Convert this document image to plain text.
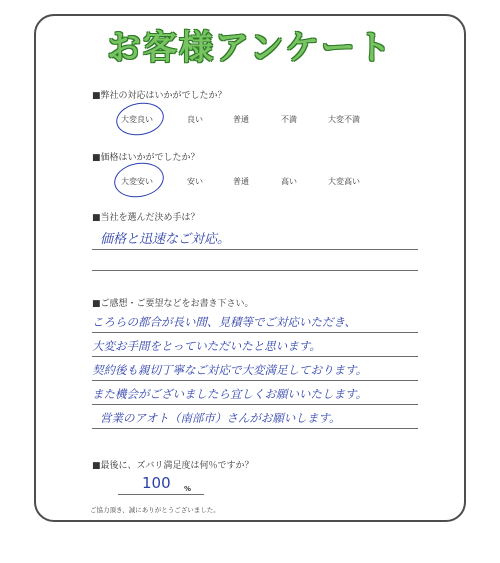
お客様アンケート
■弊社の対応はいかがでしたか？
大変良い	良い	普通	不満	大変不満
■価格はいかがでしたか？
大変安い	安い	普通	高い	大変高い
■当社を選んだ決め手は？
価格と迅速なご対応。
■ご感想・ご要望などをお書き下さい。
ころらの都合が長い間、見積等でご対応いただき、
大変お手間をとっていただいたと思います。
契約後も親切丁寧なご対応で大変満足しております。
また機会がございましたら宜しくお願いいたします。
営業のアオト（南部市）さんがお願いします。
■最後に、ズバリ満足度は何％ですか？
100 %
ご協力頂き、誠にありがとうございました。
